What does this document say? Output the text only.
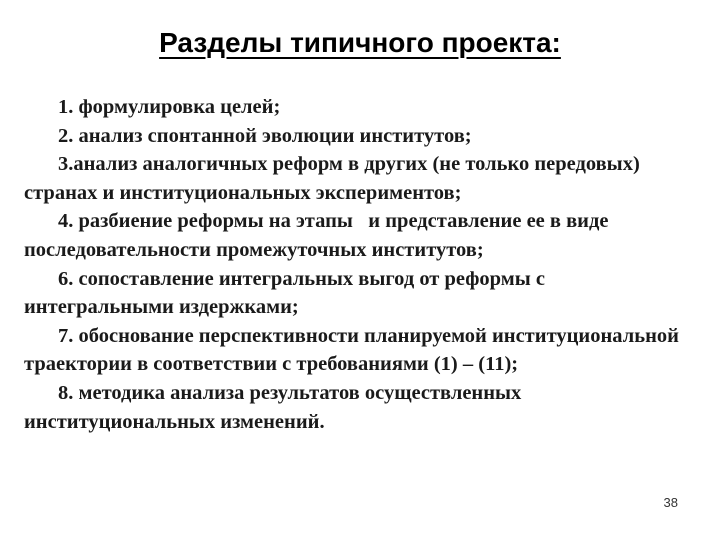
Разделы типичного проекта:
1. формулировка целей;
2. анализ спонтанной эволюции институтов;
3.анализ аналогичных реформ в других (не только передовых) странах и институциональных экспериментов;
4. разбиение реформы на этапы   и представление ее в виде последовательности промежуточных институтов;
6. сопоставление интегральных выгод от реформы с интегральными издержками;
7. обоснование перспективности планируемой институциональной траектории в соответствии с требованиями (1) – (11);
8. методика анализа результатов осуществленных институциональных изменений.
38
